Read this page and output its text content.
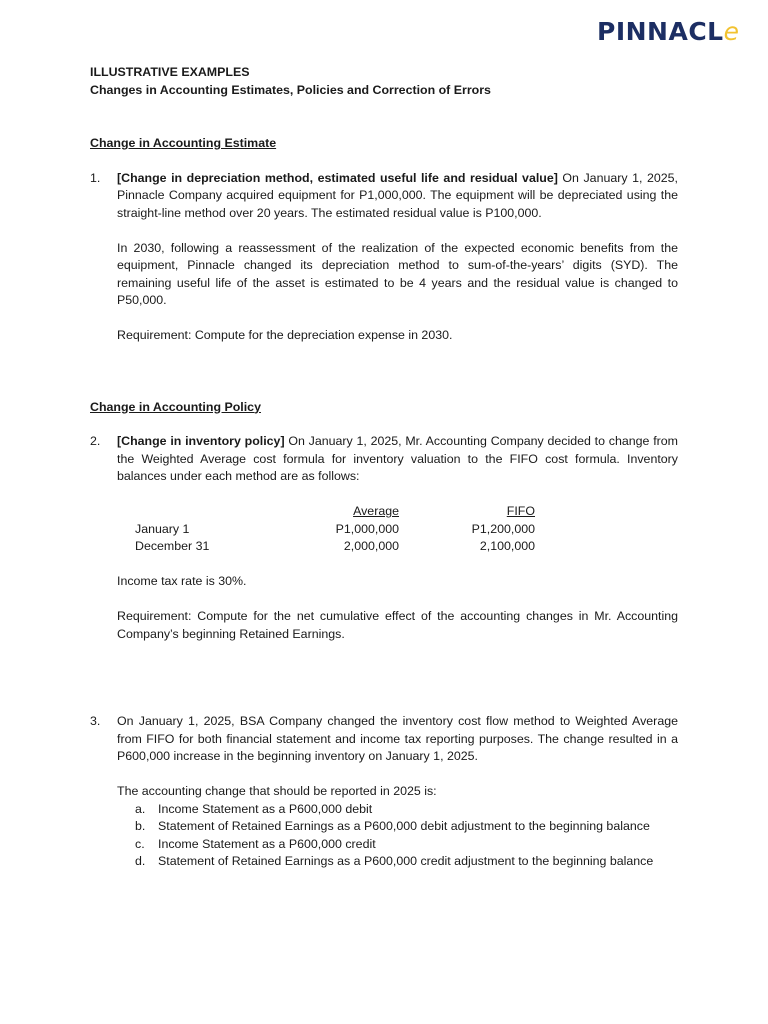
PINNACLe
ILLUSTRATIVE EXAMPLES
Changes in Accounting Estimates, Policies and Correction of Errors
Change in Accounting Estimate
1.	[Change in depreciation method, estimated useful life and residual value] On January 1, 2025, Pinnacle Company acquired equipment for P1,000,000. The equipment will be depreciated using the straight-line method over 20 years. The estimated residual value is P100,000.

In 2030, following a reassessment of the realization of the expected economic benefits from the equipment, Pinnacle changed its depreciation method to sum-of-the-years’ digits (SYD). The remaining useful life of the asset is estimated to be 4 years and the residual value is changed to P50,000.

Requirement: Compute for the depreciation expense in 2030.

Change in Accounting Policy
2.	[Change in inventory policy] On January 1, 2025, Mr. Accounting Company decided to change from the Weighted Average cost formula for inventory valuation to the FIFO cost formula. Inventory balances under each method are as follows:

	Average	FIFO
January 1	P1,000,000	P1,200,000
December 31	2,000,000	2,100,000

Income tax rate is 30%.

Requirement: Compute for the net cumulative effect of the accounting changes in Mr. Accounting Company’s beginning Retained Earnings.

3.	On January 1, 2025, BSA Company changed the inventory cost flow method to Weighted Average from FIFO for both financial statement and income tax reporting purposes. The change resulted in a P600,000 increase in the beginning inventory on January 1, 2025.

The accounting change that should be reported in 2025 is:

a.	Income Statement as a P600,000 debit
b.	Statement of Retained Earnings as a P600,000 debit adjustment to the beginning balance
c.	Income Statement as a P600,000 credit
d.	Statement of Retained Earnings as a P600,000 credit adjustment to the beginning balance
